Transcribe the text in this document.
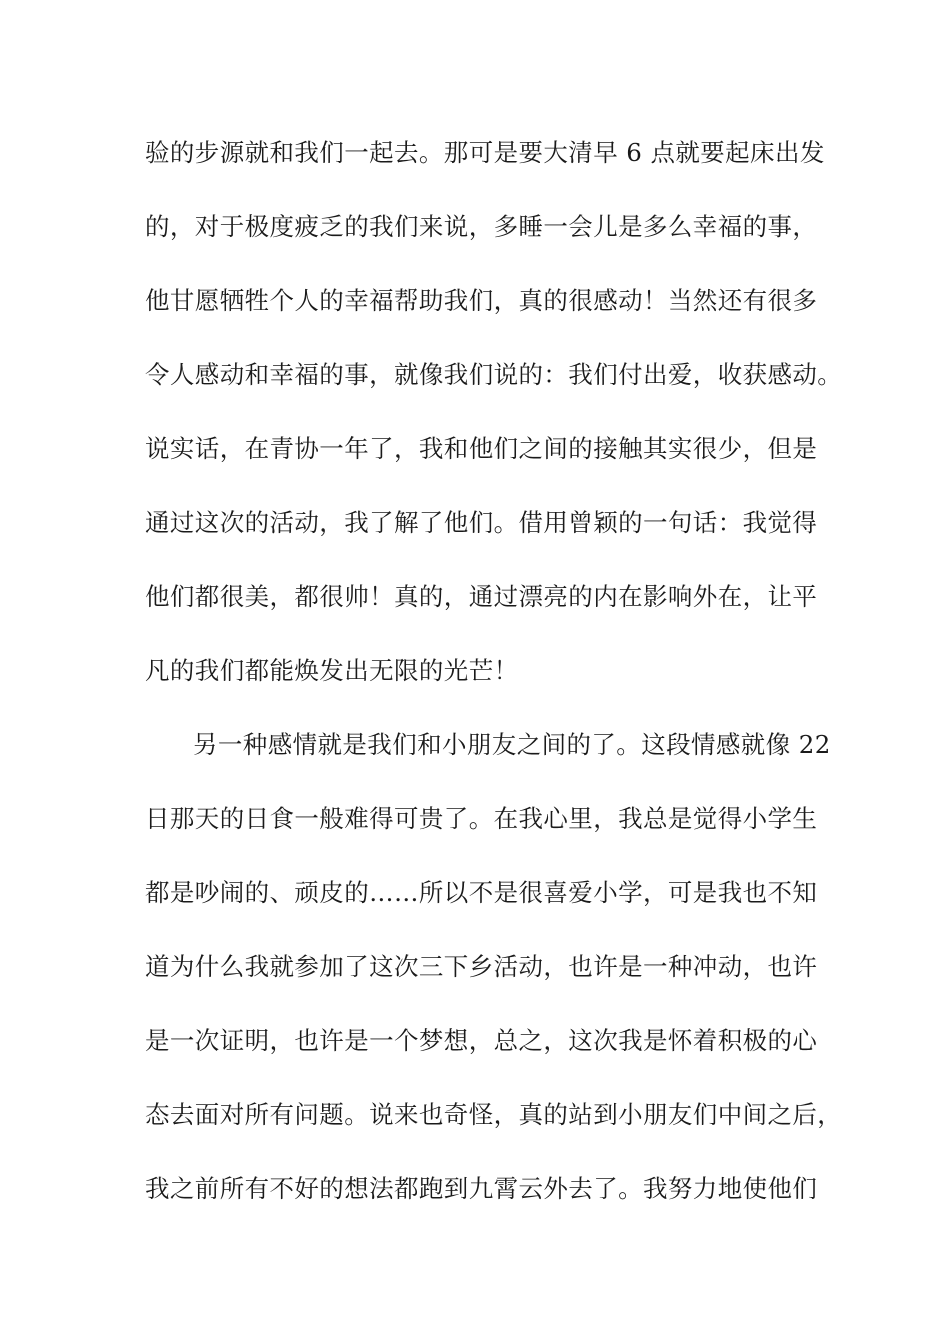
验的步源就和我们一起去。那可是要大清早 6 点就要起床出发
的，对于极度疲乏的我们来说，多睡一会儿是多么幸福的事，
他甘愿牺牲个人的幸福帮助我们，真的很感动！当然还有很多
令人感动和幸福的事，就像我们说的：我们付出爱，收获感动。
说实话，在青协一年了，我和他们之间的接触其实很少，但是
通过这次的活动，我了解了他们。借用曾颖的一句话：我觉得
他们都很美，都很帅！真的，通过漂亮的内在影响外在，让平
凡的我们都能焕发出无限的光芒！
另一种感情就是我们和小朋友之间的了。这段情感就像 22
日那天的日食一般难得可贵了。在我心里，我总是觉得小学生
都是吵闹的、顽皮的……所以不是很喜爱小学，可是我也不知
道为什么我就参加了这次三下乡活动，也许是一种冲动，也许
是一次证明，也许是一个梦想，总之，这次我是怀着积极的心
态去面对所有问题。说来也奇怪，真的站到小朋友们中间之后，
我之前所有不好的想法都跑到九霄云外去了。我努力地使他们
